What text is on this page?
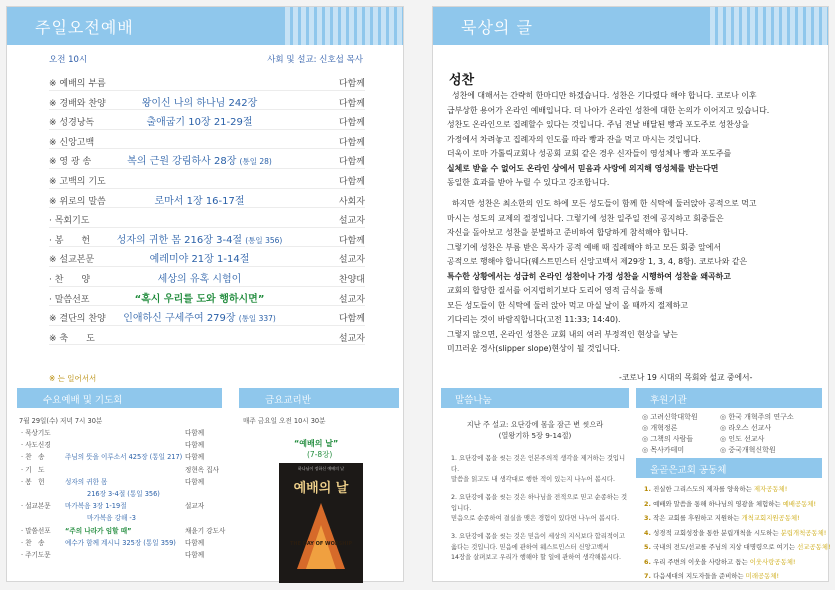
주일오전예배
오전 10시	사회 및 설교: 신호섭 목사
※ 예배의 부름	다함께
※ 경배와 찬양	왕이신 나의 하나님 242장	다함께
※ 성경낭독	출애굽기 10장 21-29절	다함께
※ 신앙고백	다함께
※ 영 광 송	복의 근원 강림하사 28장 (통일 28)	다함께
※ 고백의 기도	다함께
※ 위로의 말씀	로마서 1장 16-17절	사회자
· 목회기도	설교자
· 봉　　헌	성자의 귀한 몸 216장 3-4절 (통일 356)	다함께
※ 설교본문	예레미야 21장 1-14절	설교자
· 찬　　양	세상의 유혹 시험이	찬양대
· 말씀선포	“혹시 우리를 도와 행하시면”	설교자
※ 결단의 찬양	인애하신 구세주여 279장 (통일 337)	다함께
※ 축　　도	설교자
※ 는 일어서서
수요예배 및 기도회
7월 29일(수) 저녁 7시 30분
· 묵상기도	다함께
· 사도신경	다함께
· 찬　송	주님의 뜻을 이루소서 425장 (통일 217) 다함께
· 기　도	정현옥 집사
· 봉　헌	성자의 귀한 몸	다함께
216장 3-4절 (통일 356)
· 설교본문 마가복음 3장 1-19절	설교자
마가복음 강해 -3
· 말씀선포 “주의 나라가 임할 때”	채윤기 강도사
· 찬　송	예수가 함께 계시니 325장 (통일 359) 다함께
· 주기도문	다함께
금요교리반
매주 금요일 오전 10시 30분
“예배의 날”
(7-8장)
하나님이 정하신 예배의 날
예배의 날
THE DAY OF WORSHIP
묵상의 글
성찬
성찬에 대해서는 간략히 한마디만 하겠습니다. 성찬은 기다렸다 해야 합니다. 코로나 이후
급부상한 용어가 온라인 예배입니다. 더 나아가 온라인 성찬에 대한 논의가 이어지고 있습니다.
성찬도 온라인으로 집례할수 있다는 것입니다. 주님 전날 배달된 빵과 포도주로 성찬상을
가정에서 차려놓고 집례자의 인도를 따라 빵과 잔을 먹고 마시는 것입니다.
더욱이 로마 가톨릭교회나 성공회 교회 같은 경우 신자들이 영성체나 빵과 포도주를
실체로 받을 수 없어도 온라인 상에서 믿음과 사랑에 의지해 영성체를 받는다면
동일한 효과를 받아 누릴 수 있다고 강조합니다.
하지만 성찬은 최소한의 인도 하에 모든 성도들이 함께 한 식탁에 둘러앉아 공적으로 먹고
마시는 성도의 교제의 절정입니다. 그렇기에 성찬 일주일 전에 공지하고 회중들은
자신을 돌아보고 성찬을 분별하고 준비하여 합당하게 참석해야 합니다.
그렇기에 성찬은 부름 받은 목사가 공적 예배 때 집례해야 하고 모든 회중 앞에서
공적으로 행해야 합니다(웨스트민스터 신앙고백서 제29장 1, 3, 4, 8항). 코로나와 같은
특수한 상황에서는 성급히 온라인 성찬이나 가정 성찬을 시행하여 성찬을 왜곡하고
교회의 합당한 질서를 어지럽히기보다 도리어 영적 금식을 통해
모든 성도들이 한 식탁에 둘러 앉아 먹고 마실 날이 올 때까지 절제하고
기다리는 것이 바람직합니다(고전 11:33; 14:40).
그렇지 않으면, 온라인 성찬은 교회 내의 여러 부정적인 현상을 낳는
미끄러운 경사(slipper slope)현상이 될 것입니다.
-코로나 19 시대의 목회와 설교 중에서-
말씀나눔
지난 주 설교: 요단강에 몸을 잠근 변 씻으라
(열왕기하 5장 9-14절)
1. 요단강에 몸을 씻는 것은 인본주의적 생각을 제거하는 것입니다.
말씀을 읽고도 내 생각대로 행한 적이 있는지 나누어 봅시다.
2. 요단강에 몸을 씻는 것은 하나님을 전적으로 믿고 순종하는 것입니다.
믿음으로 순종하여 결실을 맺은 경험이 있다면 나누어 봅시다.
3. 요단강에 몸을 씻는 것은 믿음이 세상의 지식보다 합리적이고
옳다는 것입니다. 믿음에 관하여 웨스트민스터 신앙고백서
14장을 살펴보고 우리가 행해야 할 일에 관하여 생각해봅시다.
후원기관
◎ 고려신학대학원	◎ 한국 개혁주의 연구소
◎ 개혁정론	◎ 라오스 선교사
◎ 그책의 사람들	◎ 인도 선교사
◎ 목사카테미	◎ 중국개혁신학원
올곧은교회 공동체
1. 진실한 그리스도의 제자를 양육하는 제자공동체!
2. 예배와 말씀을 통해 하나님의 영광을 체험하는 예배공동체!
3. 작은 교회를 후원하고 지원하는 개척교회지원공동체!
4. 성경적 교회성장을 통한 분립개척을 시도하는 분립개척공동체!
5. 국내의 전도/선교를 주님의 지상 대명령으로 여기는 선교공동체!
6. 우리 주변의 이웃을 사랑하고 돕는 이웃사랑공동체!
7. 다음세대의 지도자들을 준비하는 미래공동체!
